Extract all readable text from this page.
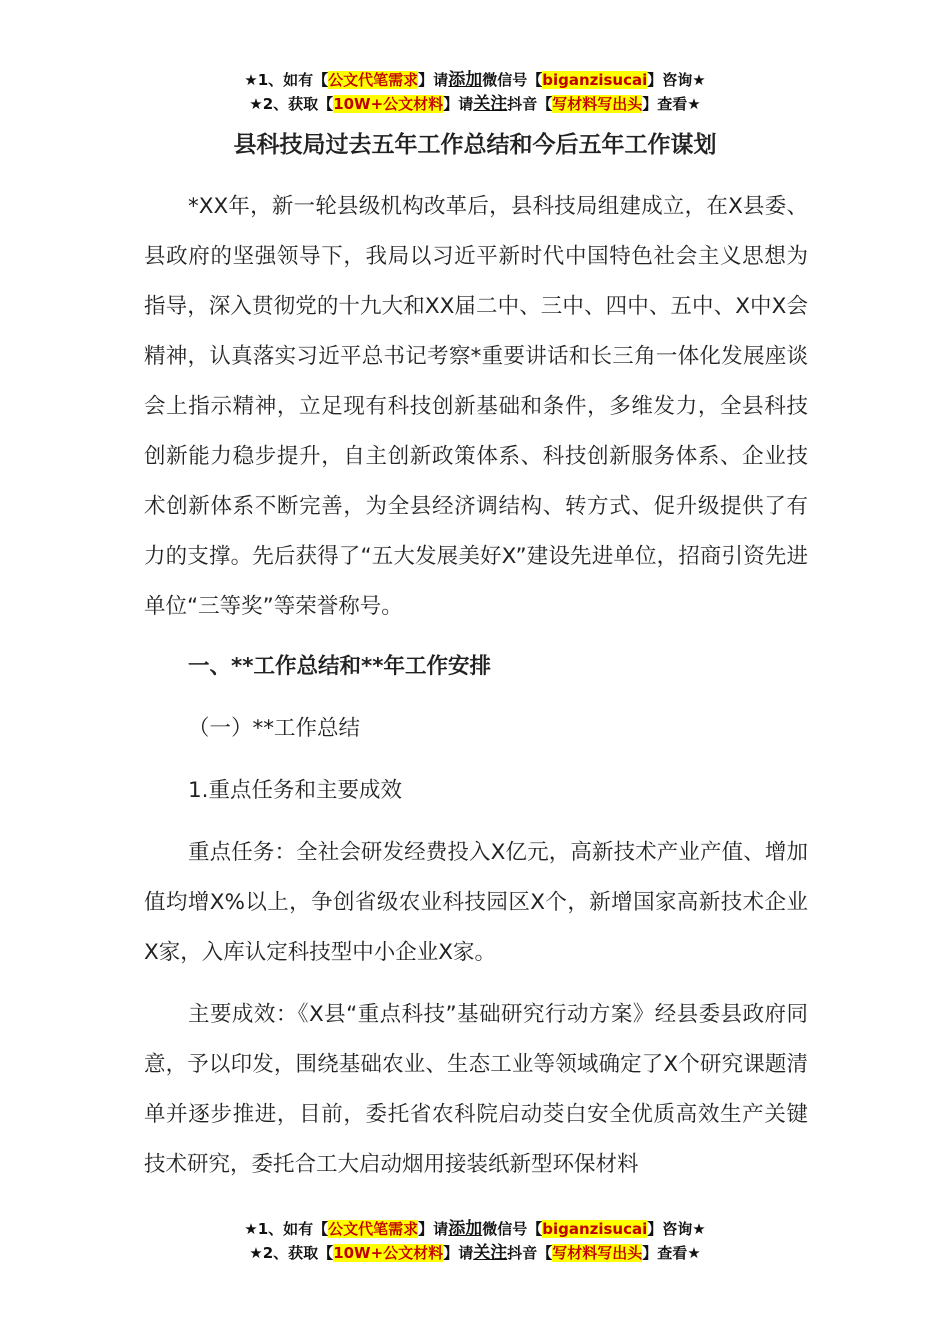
★1、如有【公文代笔需求】请添加微信号【biganzisucai】咨询★
★2、获取【10W+公文材料】请关注抖音【写材料写出头】查看★
县科技局过去五年工作总结和今后五年工作谋划

*XX年，新一轮县级机构改革后，县科技局组建成立，在X县委、县政府的坚强领导下，我局以习近平新时代中国特色社会主义思想为指导，深入贯彻党的十九大和XX届二中、三中、四中、五中、X中X会精神，认真落实习近平总书记考察*重要讲话和长三角一体化发展座谈会上指示精神，立足现有科技创新基础和条件，多维发力，全县科技创新能力稳步提升，自主创新政策体系、科技创新服务体系、企业技术创新体系不断完善，为全县经济调结构、转方式、促升级提供了有力的支撑。先后获得了“五大发展美好X”建设先进单位，招商引资先进单位“三等奖”等荣誉称号。

一、**工作总结和**年工作安排

（一）**工作总结

1.重点任务和主要成效

重点任务：全社会研发经费投入X亿元，高新技术产业产值、增加值均增X%以上，争创省级农业科技园区X个，新增国家高新技术企业X家，入库认定科技型中小企业X家。

主要成效：《X县“重点科技”基础研究行动方案》经县委县政府同意，予以印发，围绕基础农业、生态工业等领域确定了X个研究课题清单并逐步推进，目前，委托省农科院启动茭白安全优质高效生产关键技术研究，委托合工大启动烟用接装纸新型环保材料

★1、如有【公文代笔需求】请添加微信号【biganzisucai】咨询★
★2、获取【10W+公文材料】请关注抖音【写材料写出头】查看★
